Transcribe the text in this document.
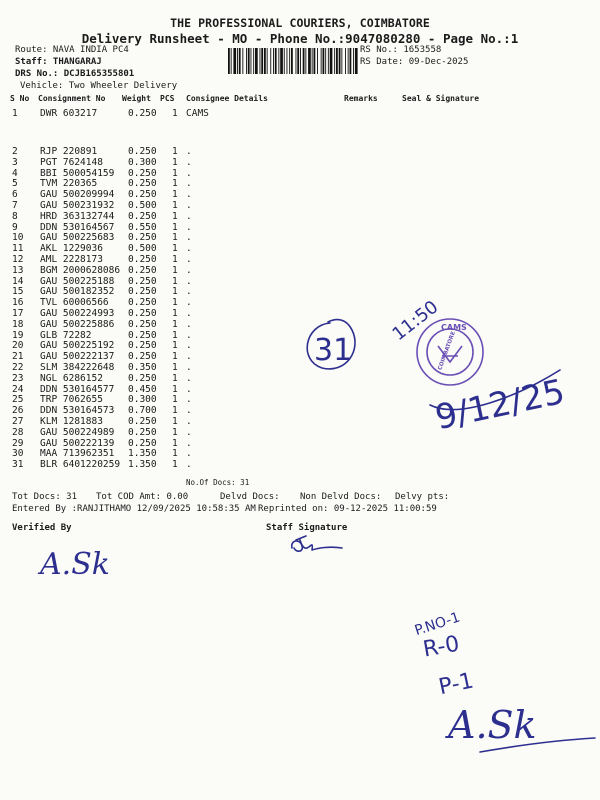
THE PROFESSIONAL COURIERS, COIMBATORE
Delivery Runsheet - MO - Phone No.:9047080280 - Page No.:1
Route: NAVA INDIA PC4
Staff: THANGARAJ
DRS No.: DCJB165355801
Vehicle: Two Wheeler Delivery
RS No.: 1653558
RS Date: 09-Dec-2025
S No Consignment No Weight PCS Consignee Details	Remarks	Seal & Signature
1 DWR 603217	0.250 1 CAMS
2 RJP 220891	0.250 1 .
3 PGT 7624148	0.300 1 .
4 BBI 500054159 0.250 1 .
5 TVM 220365	0.250 1 .
6 GAU 500209994 0.250 1 .
7 GAU 500231932 0.500 1 .
8 HRD 363132744 0.250 1 .
9 DDN 530164567 0.550 1 .
10 GAU 500225683 0.250 1 .
11 AKL 1229036	0.500 1 .
12 AML 2228173	0.250 1 .
13 BGM 2000628086 0.250 1 .
14 GAU 500225188 0.250 1 .
15 GAU 500182352 0.250 1 .
16 TVL 60006566 0.250 1 .
17 GAU 500224993 0.250 1 .
18 GAU 500225886 0.250 1 .
19 GLB 72282	0.250 1 .
20 GAU 500225192 0.250 1 .
21 GAU 500222137 0.250 1 .
22 SLM 384222648 0.350 1 .
23 NGL 6286152	0.250 1 .
24 DDN 530164577 0.450 1 .
25 TRP 7062655	0.300 1 .
26 DDN 530164573 0.700 1 .
27 KLM 1281883	0.250 1 .
28 GAU 500224989 0.250 1 .
29 GAU 500222139 0.250 1 .
30 MAA 713962351 1.350 1 .
31 BLR 6401220259 1.350 1 .
No.Of Docs: 31
Tot Docs: 31 Tot COD Amt: 0.00	Delvd Docs: Non Delvd Docs: Delvy pts:
Entered By :RANJITHAMO 12/09/2025 10:58:35 AM Reprinted on: 09-12-2025 11:00:59
Verified By	Staff Signature
31
11:50
CAMS
COIMBATORE
9/12/25
A.Sk
P.NO-1
R-0
P-1
A.Sk
